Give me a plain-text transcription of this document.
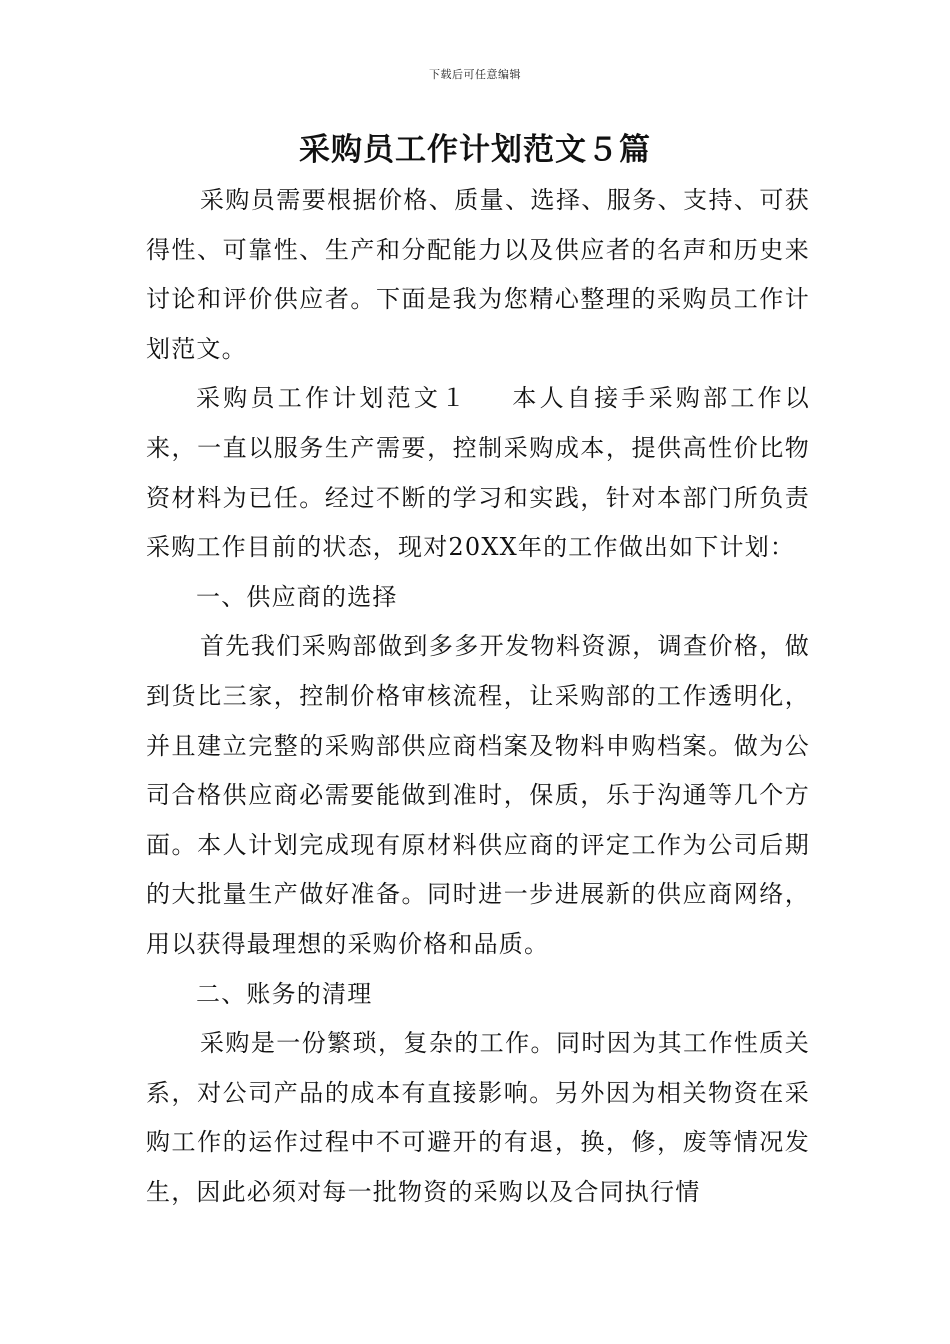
下载后可任意编辑
采购员工作计划范文５篇

采购员需要根据价格、质量、选择、服务、支持、可获得性、可靠性、生产和分配能力以及供应者的名声和历史来讨论和评价供应者。下面是我为您精心整理的采购员工作计划范文。

采购员工作计划范文１ 本人自接手采购部工作以来，一直以服务生产需要，控制采购成本，提供高性价比物资材料为已任。经过不断的学习和实践，针对本部门所负责采购工作目前的状态，现对20XX年的工作做出如下计划：

一、供应商的选择

首先我们采购部做到多多开发物料资源，调查价格，做到货比三家，控制价格审核流程，让采购部的工作透明化，并且建立完整的采购部供应商档案及物料申购档案。做为公司合格供应商必需要能做到准时，保质，乐于沟通等几个方面。本人计划完成现有原材料供应商的评定工作为公司后期的大批量生产做好准备。同时进一步进展新的供应商网络，用以获得最理想的采购价格和品质。

二、账务的清理

采购是一份繁琐，复杂的工作。同时因为其工作性质关系，对公司产品的成本有直接影响。另外因为相关物资在采购工作的运作过程中不可避开的有退，换，修，废等情况发生，因此必须对每一批物资的采购以及合同执行情
